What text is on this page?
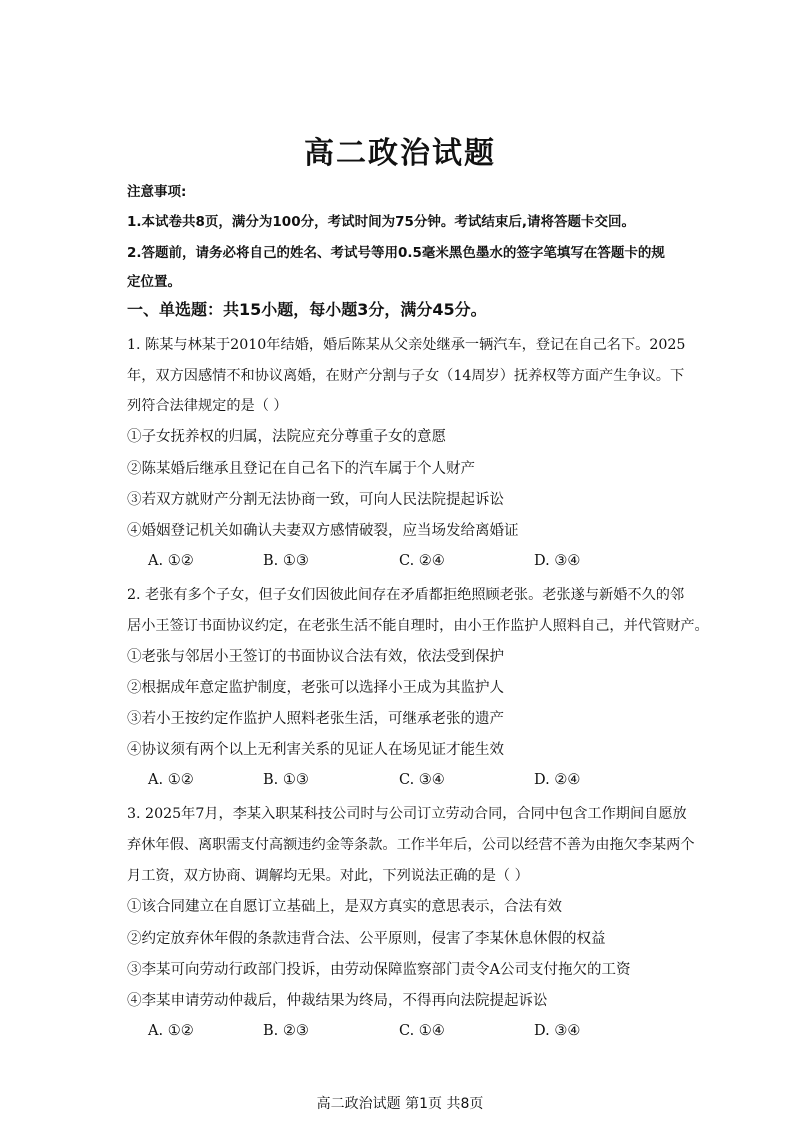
高二政治试题
注意事项:
1.本试卷共8页，满分为100分，考试时间为75分钟。考试结束后,请将答题卡交回。
2.答题前，请务必将自己的姓名、考试号等用0.5毫米黑色墨水的签字笔填写在答题卡的规
定位置。
一、单选题：共15小题，每小题3分，满分45分。
1. 陈某与林某于2010年结婚，婚后陈某从父亲处继承一辆汽车，登记在自己名下。2025
年，双方因感情不和协议离婚，在财产分割与子女（14周岁）抚养权等方面产生争议。下
列符合法律规定的是（ ）
①子女抚养权的归属，法院应充分尊重子女的意愿
②陈某婚后继承且登记在自己名下的汽车属于个人财产
③若双方就财产分割无法协商一致，可向人民法院提起诉讼
④婚姻登记机关如确认夫妻双方感情破裂，应当场发给离婚证
A. ①②	B. ①③	C. ②④	D. ③④
2. 老张有多个子女，但子女们因彼此间存在矛盾都拒绝照顾老张。老张遂与新婚不久的邻
居小王签订书面协议约定，在老张生活不能自理时，由小王作监护人照料自己，并代管财产。
①老张与邻居小王签订的书面协议合法有效，依法受到保护
②根据成年意定监护制度，老张可以选择小王成为其监护人
③若小王按约定作监护人照料老张生活，可继承老张的遗产
④协议须有两个以上无利害关系的见证人在场见证才能生效
A. ①②	B. ①③	C. ③④	D. ②④
3. 2025年7月，李某入职某科技公司时与公司订立劳动合同，合同中包含工作期间自愿放
弃休年假、离职需支付高额违约金等条款。工作半年后，公司以经营不善为由拖欠李某两个
月工资，双方协商、调解均无果。对此，下列说法正确的是（ ）
①该合同建立在自愿订立基础上，是双方真实的意思表示，合法有效
②约定放弃休年假的条款违背合法、公平原则，侵害了李某休息休假的权益
③李某可向劳动行政部门投诉，由劳动保障监察部门责令A公司支付拖欠的工资
④李某申请劳动仲裁后，仲裁结果为终局，不得再向法院提起诉讼
A. ①②	B. ②③	C. ①④	D. ③④
高二政治试题 第1页 共8页
